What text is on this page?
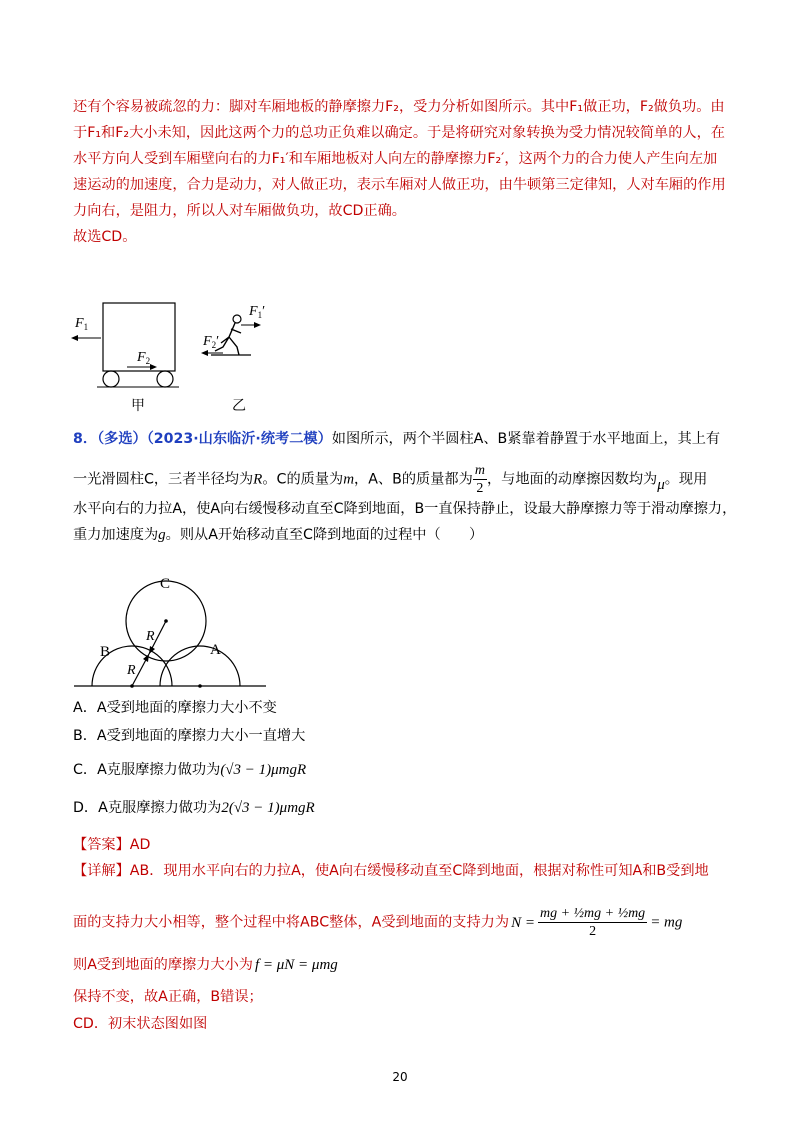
还有个容易被疏忽的力：脚对车厢地板的静摩擦力F₂，受力分析如图所示。其中F₁做正功，F₂做负功。由
于F₁和F₂大小未知，因此这两个力的总功正负难以确定。于是将研究对象转换为受力情况较简单的人，在
水平方向人受到车厢壁向右的力F₁′和车厢地板对人向左的静摩擦力F₂′，这两个力的合力使人产生向左加
速运动的加速度，合力是动力，对人做正功，表示车厢对人做正功，由牛顿第三定律知，人对车厢的作用
力向右，是阻力，所以人对车厢做负功，故CD正确。
故选CD。
$F_1$
$F_2$
$F_1'$
$F_2'$
甲	乙
8．（多选）（2023·山东临沂·统考二模）如图所示，两个半圆柱A、B紧靠着静置于水平地面上，其上有
一光滑圆柱C，三者半径均为R。C的质量为m，A、B的质量都为 $\frac{m}{2}$ ，与地面的动摩擦因数均为μ。现用
水平向右的力拉A，使A向右缓慢移动直至C降到地面，B一直保持静止，设最大静摩擦力等于滑动摩擦力，
重力加速度为g。则从A开始移动直至C降到地面的过程中（　　）
C
B	A
R
R
A．A受到地面的摩擦力大小不变
B．A受到地面的摩擦力大小一直增大
C．A克服摩擦力做功为(√3 − 1)μmgR
D．A克服摩擦力做功为2(√3 − 1)μmgR
【答案】AD
【详解】AB．现用水平向右的力拉A，使A向右缓慢移动直至C降到地面，根据对称性可知A和B受到地
面的支持力大小相等，整个过程中将ABC整体，A受到地面的支持力为 $N = \frac{\text{mg + ½mg + ½mg}}{2}$ = mg
则A受到地面的摩擦力大小为 f = μN = μmg
保持不变，故A正确，B错误；
CD．初末状态图如图
20
